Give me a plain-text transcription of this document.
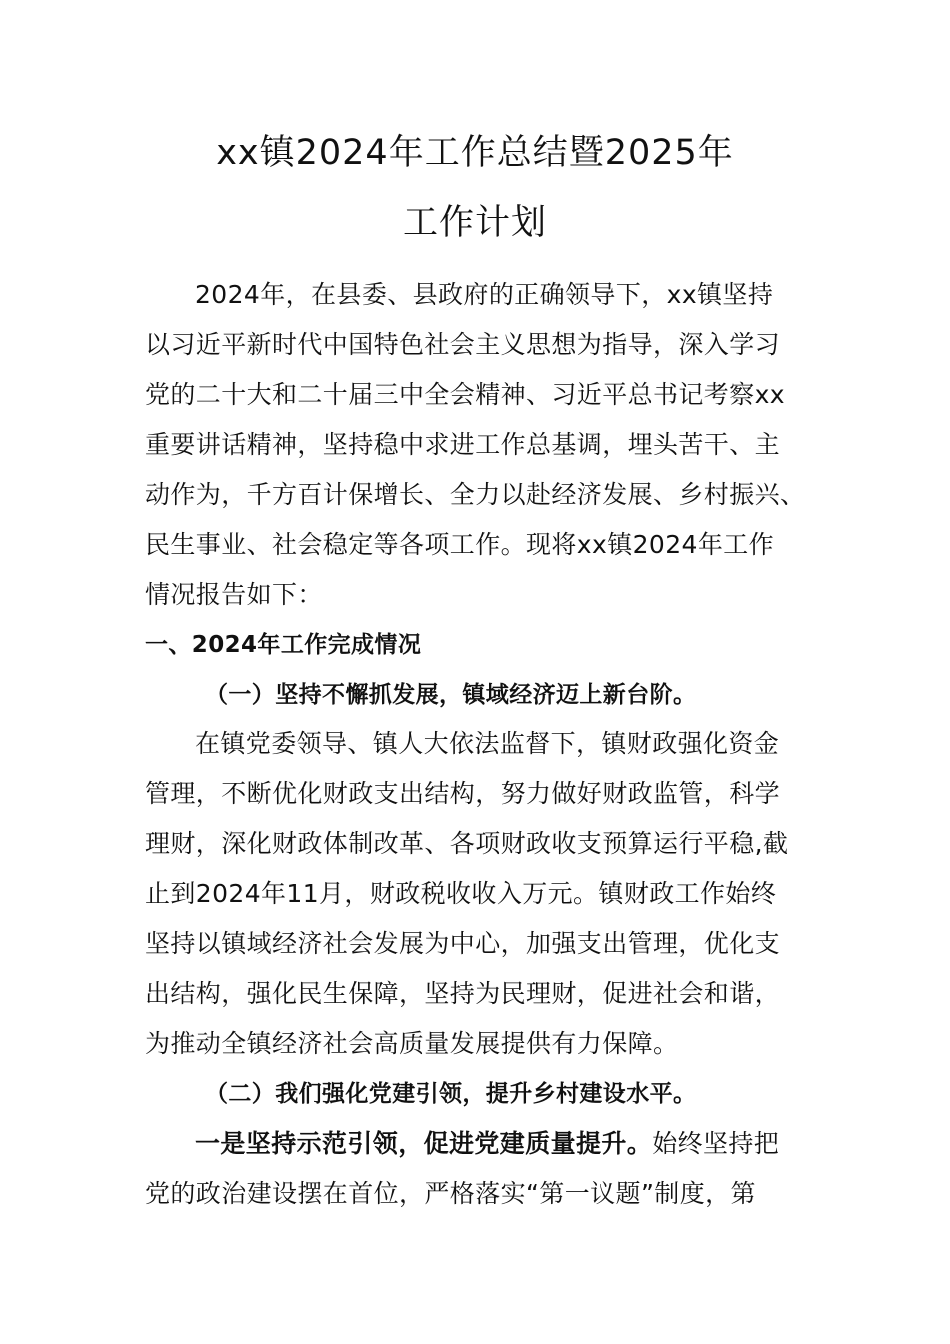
xx镇2024年工作总结暨2025年
工作计划
2024年，在县委、县政府的正确领导下，xx镇坚持
以习近平新时代中国特色社会主义思想为指导，深入学习
党的二十大和二十届三中全会精神、习近平总书记考察xx
重要讲话精神，坚持稳中求进工作总基调，埋头苦干、主
动作为，千方百计保增长、全力以赴经济发展、乡村振兴、
民生事业、社会稳定等各项工作。现将xx镇2024年工作
情况报告如下：
一、2024年工作完成情况
（一）坚持不懈抓发展，镇域经济迈上新台阶。
在镇党委领导、镇人大依法监督下，镇财政强化资金
管理，不断优化财政支出结构，努力做好财政监管，科学
理财，深化财政体制改革、各项财政收支预算运行平稳,截
止到2024年11月，财政税收收入万元。镇财政工作始终
坚持以镇域经济社会发展为中心，加强支出管理，优化支
出结构，强化民生保障，坚持为民理财，促进社会和谐，
为推动全镇经济社会高质量发展提供有力保障。
（二）我们强化党建引领，提升乡村建设水平。
一是坚持示范引领，促进党建质量提升。始终坚持把
党的政治建设摆在首位，严格落实“第一议题”制度，第
